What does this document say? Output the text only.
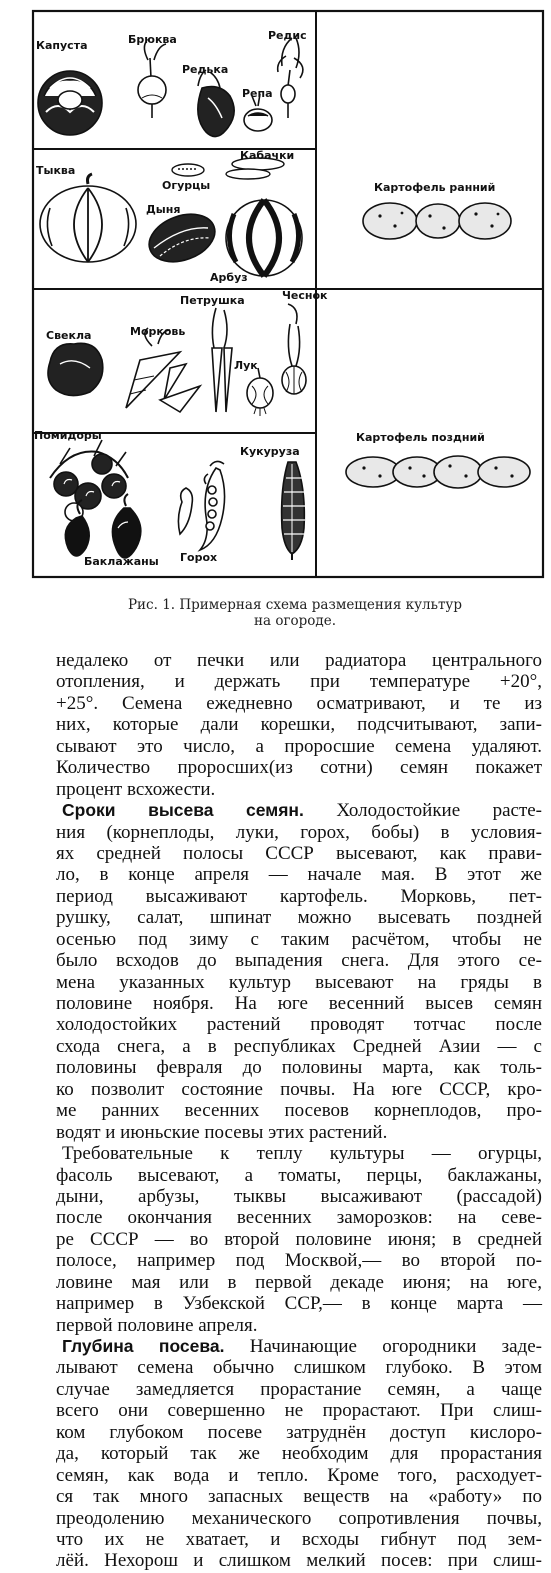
Капуста	Брюква
Редька
Редис
Репа
Тыква
Огурцы
Кабачки
Дыня
Арбуз
Картофель ранний
Петрушка	Чеснок
Свекла	Морковь
Лук
Помидоры
Кукуруза
Баклажаны Горох
Картофель поздний
Рис. 1. Примерная схема размещения культур
на огороде.
недалеко от печки или радиатора центрального
отопления, и держать при температуре +20°,
+25°. Семена ежедневно осматривают, и те из
них, которые дали корешки, подсчитывают, запи-
сывают это число, а проросшие семена удаляют.
Количество проросших(из сотни) семян покажет
процент всхожести.
Сроки высева семян. Холодостойкие расте-
ния (корнеплоды, луки, горох, бобы) в условия-
ях средней полосы СССР высевают, как прави-
ло, в конце апреля — начале мая. В этот же
период высаживают картофель. Морковь, пет-
рушку, салат, шпинат можно высевать поздней
осенью под зиму с таким расчётом, чтобы не
было всходов до выпадения снега. Для этого се-
мена указанных культур высевают на гряды в
половине ноября. На юге весенний высев семян
холодостойких растений проводят тотчас после
схода снега, а в республиках Средней Азии — с
половины февраля до половины марта, как толь-
ко позволит состояние почвы. На юге СССР, кро-
ме ранних весенних посевов корнеплодов, про-
водят и июньские посевы этих растений.
Требовательные к теплу культуры — огурцы,
фасоль высевают, а томаты, перцы, баклажаны,
дыни, арбузы, тыквы высаживают (рассадой)
после окончания весенних заморозков: на севе-
ре СССР — во второй половине июня; в средней
полосе, например под Москвой,— во второй по-
ловине мая или в первой декаде июня; на юге,
например в Узбекской ССР,— в конце марта —
первой половине апреля.
Глубина посева. Начинающие огородники заде-
лывают семена обычно слишком глубоко. В этом
случае замедляется прорастание семян, а чаще
всего они совершенно не прорастают. При слиш-
ком глубоком посеве затруднён доступ кислоро-
да, который так же необходим для прорастания
семян, как вода и тепло. Кроме того, расходует-
ся так много запасных веществ на «работу» по
преодолению механического сопротивления почвы,
что их не хватает, и всходы гибнут под зем-
лёй. Нехорош и слишком мелкий посев: при слиш-
